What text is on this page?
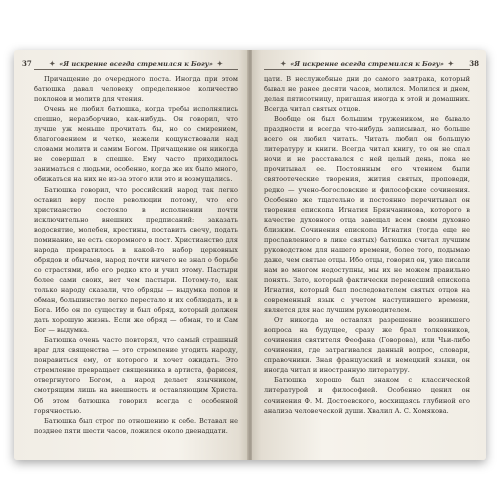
37	✦ «Я искренне всегда стремился к Богу» ✦

Причащение до очередного поста. Иногда при этом батюшка давал человеку определенное количество поклонов и молитв для чтения.

Очень не любил батюшка, когда требы исполнялись спешно, неразборчиво, как-нибудь. Он говорил, что лучше уж меньше прочитать бы, но со смирением, благоговением и четко, нежели кощунствовали над словами молитв и самим Богом. Причащение он никогда не совершал в спешке. Ему часто приходилось заниматься с людьми, особенно, когда же их было много, обижаться на них не из-за этого или это и возмущались.

Батюшка говорил, что российский народ так легко оставил веру после революции потому, что его христианство состояло в исполнении почти исключительно внешних предписаний: заказать водосвятие, молебен, крестины, поставить свечу, подать поминание, не есть скоромного в пост. Христианство для народа превратилось в какой-то набор церковных обрядов и обычаев, народ почти ничего не знал о борьбе со страстями, ибо его редко кто и учил этому. Пастыри более сами своих, нет чем пастыри. Потому-то, как только народу сказали, что обряды — выдумка попов и обман, большинство легко перестало и их соблюдать, и в Бога. Ибо он по существу и был обряд, который должен дать хорошую жизнь. Если же обряд — обман, то и Сам Бог — выдумка.

Батюшка очень часто повторял, что самый страшный враг для священства — это стремление угодить народу, понравиться ему, от которого и хочет ожидать. Это стремление превращает священника в артиста, фарисея, отвергнутого Богом, а народ делает язычником, смотрящим лишь на внешность и оставляющим Христа. Об этом батюшка говорил всегда с особенной горячностью.

Батюшка был строг по отношению к себе. Вставал не позднее пяти шести часов, ложился около двенадцати.

38
✦ «Я искренне всегда стремился к Богу» ✦

цати. В неслужебные дни до самого завтрака, который бывал не ранее десяти часов, молился. Молился и днем, делая пятисотницу, пригашая иногда к этой и домашних. Всегда читал святых отцов.

Вообще он был большим тружеником, не бывало праздности и всегда что-нибудь записывал, но больше всего он любил читать. Читать любил он большую литературу и книги. Всегда читал книгу, то он не спал ночи и не расставался с ней целый день, пока не прочитывал ее. Постоянным его чтением были святоотеческие творения, жития святых, проповеди, редко — учено-богословские и философские сочинения. Особенно же тщательно и постоянно перечитывал он творения епископа Игнатия Брянчанинова, которого в качестве духовного отца завещал всем своим духовно близким. Сочинения епископа Игнатия (тогда еще не прославленного в лике святых) батюшка считал лучшим руководством для нашего времени, более того, подымаю даже, чем святые отцы. Ибо отцы, говорил он, уже писали нам во многом недоступны, мы их не можем правильно понять. Зато, который фактически перенесший епископа Игнатия, который был последователем святых отцов на современный язык с учетом наступившего времени, является для нас лучшим руководителем.

От никогда не оставлял разрешение возникшего вопроса на будущее, сразу же брал толковников, сочинения святителя Феофана (Говорова), или Чьи-либо сочинения, где затрагивался данный вопрос, словари, справочники. Зная французский и немецкий языки, он иногда читал и иностранную литературу.

Батюшка хорошо был знаком с классической литературой и философией. Особенно ценил он сочинения Ф. М. Достоевского, восхищаясь глубиной его анализа человеческой души. Хвалил А. С. Хомякова.
